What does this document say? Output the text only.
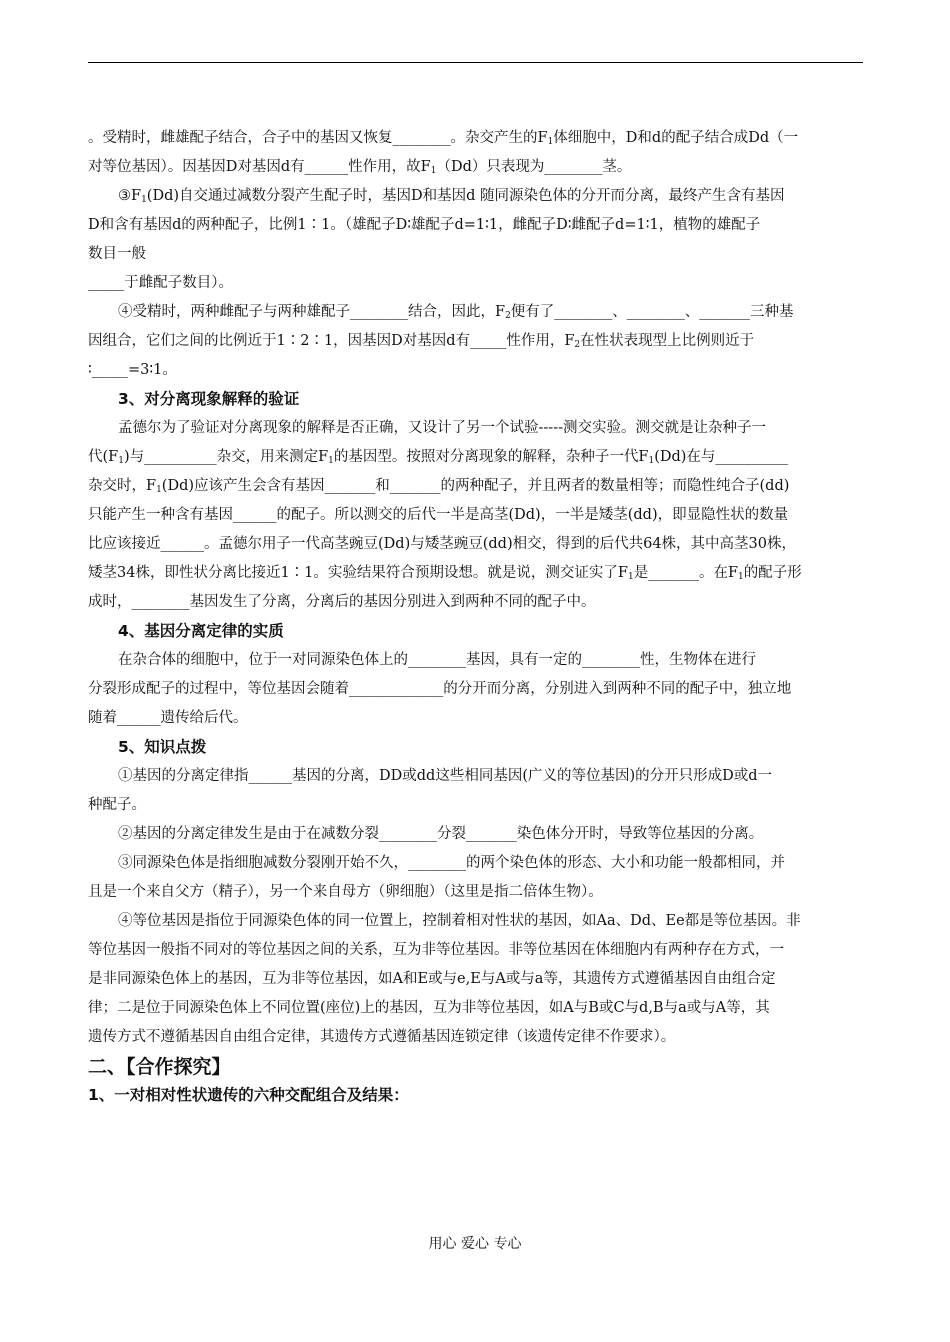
。受精时，雌雄配子结合，合子中的基因又恢复________。杂交产生的$F_1$体细胞中，D和d的配子结合成Dd（一
对等位基因）。因基因D对基因d有______性作用，故$F_1(Dd)$只表现为________茎。
$③F_1(Dd)$自交通过减数分裂产生配子时，基因D和基因d 随同源染色体的分开而分离，最终产生含有基因
D和含有基因d的两种配子，比例1∶1。（雄配子D∶雄配子d=1∶1，雌配子D∶雌配子d=1∶1，植物的雄配子
数目一般
_____于雌配子数目）。
④受精时，两种雌配子与两种雄配子________结合，因此，$F_2$便有了________、________、_______三种基
因组合，它们之间的比例近于1∶2∶1，因基因D对基因d有_____性作用，$F_2$在性状表现型上比例则近于
∶_____=3∶1。
3、对分离现象解释的验证
孟德尔为了验证对分离现象的解释是否正确，又设计了另一个试验-----测交实验。测交就是让杂种子一
代$(F_1)$与__________杂交，用来测定$F_1$的基因型。按照对分离现象的解释，杂种子一代$F_1(Dd)$在与__________
杂交时，$F_1(Dd)$应该产生会含有基因_______和_______的两种配子，并且两者的数量相等；而隐性纯合子(dd)
只能产生一种含有基因______的配子。所以测交的后代一半是高茎(Dd)，一半是矮茎(dd)，即显隐性状的数量
比应该接近______。孟德尔用子一代高茎豌豆(Dd)与矮茎豌豆(dd)相交，得到的后代共64株，其中高茎30株，
矮茎34株，即性状分离比接近1∶1。实验结果符合预期设想。就是说，测交证实了$F_1$是_______。在$F_1$的配子形
成时，________基因发生了分离，分离后的基因分别进入到两种不同的配子中。
4、基因分离定律的实质
在杂合体的细胞中，位于一对同源染色体上的________基因，具有一定的________性，生物体在进行
分裂形成配子的过程中，等位基因会随着_____________的分开而分离，分别进入到两种不同的配子中，独立地
随着______遗传给后代。
5、知识点拨
①基因的分离定律指______基因的分离，DD或dd这些相同基因(广义的等位基因)的分开只形成D或d一
种配子。
②基因的分离定律发生是由于在减数分裂________分裂_______染色体分开时，导致等位基因的分离。
③同源染色体是指细胞减数分裂刚开始不久，________的两个染色体的形态、大小和功能一般都相同，并
且是一个来自父方（精子），另一个来自母方（卵细胞）（这里是指二倍体生物）。
④等位基因是指位于同源染色体的同一位置上，控制着相对性状的基因，如Aa、Dd、Ee都是等位基因。非
等位基因一般指不同对的等位基因之间的关系，互为非等位基因。非等位基因在体细胞内有两种存在方式，一
是非同源染色体上的基因，互为非等位基因，如A和E或与e,E与A或与a等，其遗传方式遵循基因自由组合定
律；二是位于同源染色体上不同位置(座位)上的基因，互为非等位基因，如A与B或C与d,B与a或与A等，其
遗传方式不遵循基因自由组合定律，其遗传方式遵循基因连锁定律（该遗传定律不作要求）。
二、【合作探究】
1、一对相对性状遗传的六种交配组合及结果：
用心 爱心 专心
